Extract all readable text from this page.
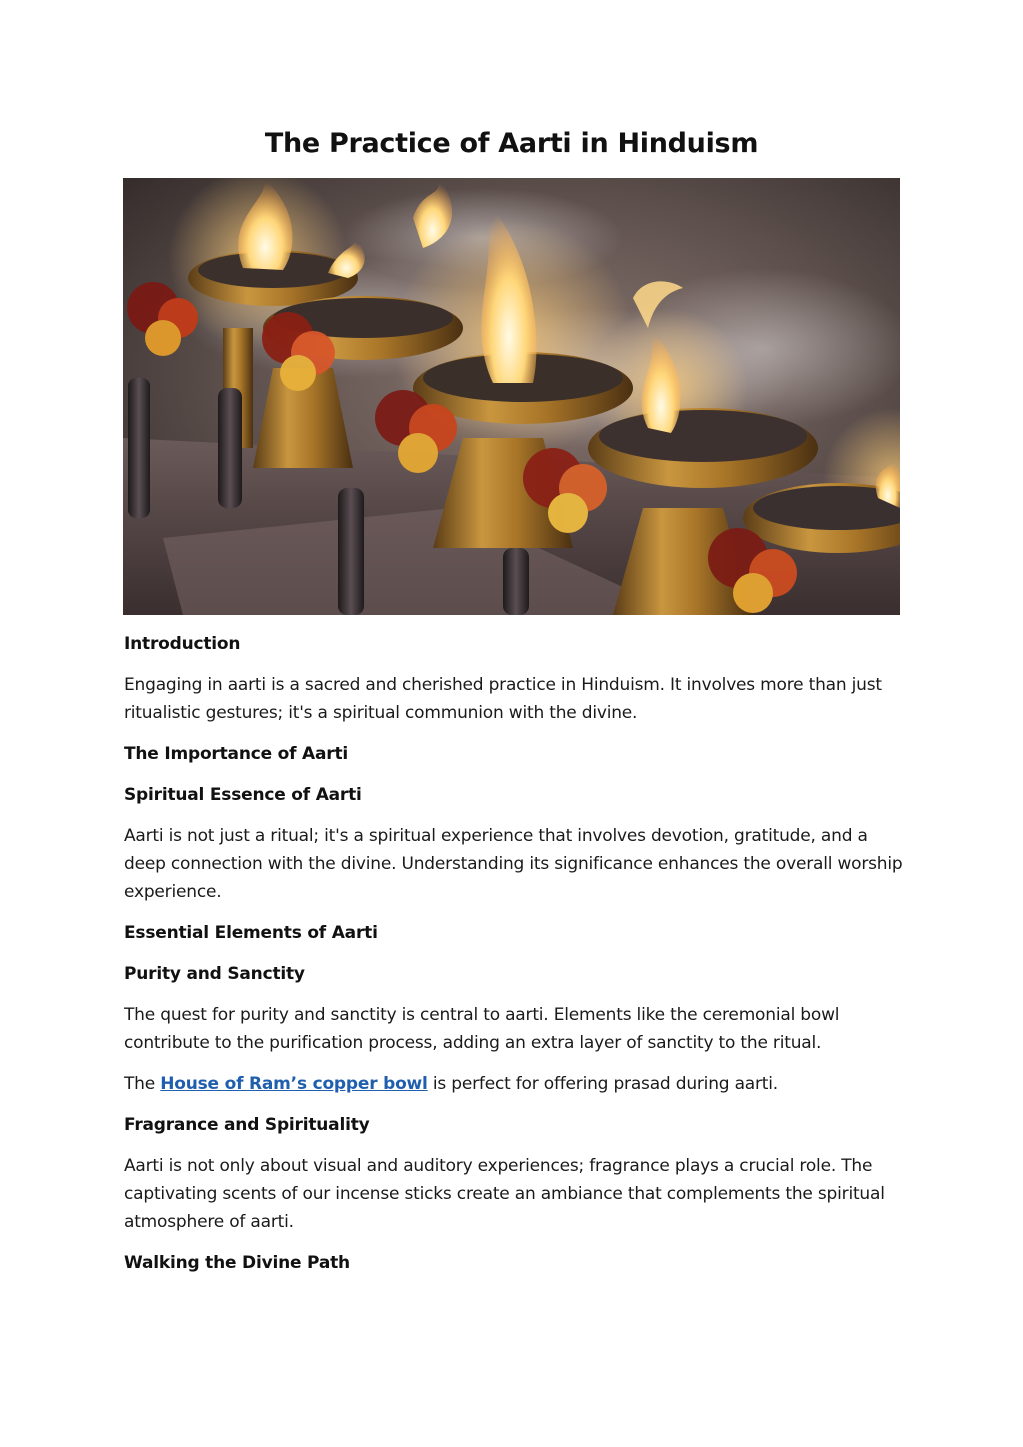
The Practice of Aarti in Hinduism

Introduction

Engaging in aarti is a sacred and cherished practice in Hinduism. It involves more than just ritualistic gestures; it's a spiritual communion with the divine.

The Importance of Aarti

Spiritual Essence of Aarti

Aarti is not just a ritual; it's a spiritual experience that involves devotion, gratitude, and a deep connection with the divine. Understanding its significance enhances the overall worship experience.

Essential Elements of Aarti

Purity and Sanctity

The quest for purity and sanctity is central to aarti. Elements like the ceremonial bowl contribute to the purification process, adding an extra layer of sanctity to the ritual.

The House of Ram’s copper bowl is perfect for offering prasad during aarti.

Fragrance and Spirituality

Aarti is not only about visual and auditory experiences; fragrance plays a crucial role. The captivating scents of our incense sticks create an ambiance that complements the spiritual atmosphere of aarti.

Walking the Divine Path
